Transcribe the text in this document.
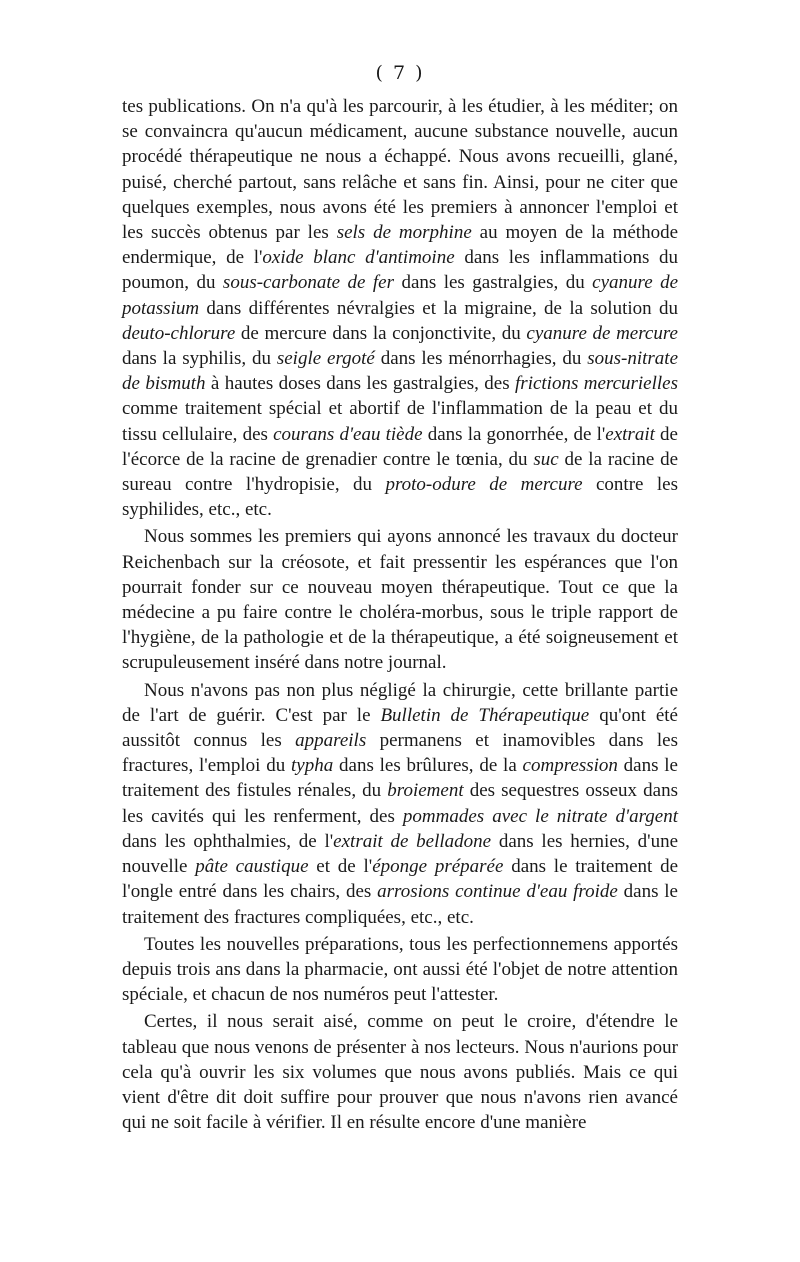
( 7 )

tes publications. On n'a qu'à les parcourir, à les étudier, à les méditer; on se convaincra qu'aucun médicament, aucune substance nouvelle, aucun procédé thérapeutique ne nous a échappé. Nous avons recueilli, glané, puisé, cherché partout, sans relâche et sans fin. Ainsi, pour ne citer que quelques exemples, nous avons été les premiers à annoncer l'emploi et les succès obtenus par les sels de morphine au moyen de la méthode endermique, de l'oxide blanc d'antimoine dans les inflammations du poumon, du sous-carbonate de fer dans les gastralgies, du cyanure de potassium dans différentes névralgies et la migraine, de la solution du deuto-chlorure de mercure dans la conjonctivite, du cyanure de mercure dans la syphilis, du seigle ergoté dans les ménorrhagies, du sous-nitrate de bismuth à hautes doses dans les gastralgies, des frictions mercurielles comme traitement spécial et abortif de l'inflammation de la peau et du tissu cellulaire, des courans d'eau tiède dans la gonorrhée, de l'extrait de l'écorce de la racine de grenadier contre le tœnia, du suc de la racine de sureau contre l'hydropisie, du proto-odure de mercure contre les syphilides, etc., etc.

Nous sommes les premiers qui ayons annoncé les travaux du docteur Reichenbach sur la créosote, et fait pressentir les espérances que l'on pourrait fonder sur ce nouveau moyen thérapeutique. Tout ce que la médecine a pu faire contre le choléra-morbus, sous le triple rapport de l'hygiène, de la pathologie et de la thérapeutique, a été soigneusement et scrupuleusement inséré dans notre journal.

Nous n'avons pas non plus négligé la chirurgie, cette brillante partie de l'art de guérir. C'est par le Bulletin de Thérapeutique qu'ont été aussitôt connus les appareils permanens et inamovibles dans les fractures, l'emploi du typha dans les brûlures, de la compression dans le traitement des fistules rénales, du broiement des sequestres osseux dans les cavités qui les renferment, des pommades avec le nitrate d'argent dans les ophthalmies, de l'extrait de belladone dans les hernies, d'une nouvelle pâte caustique et de l'éponge préparée dans le traitement de l'ongle entré dans les chairs, des arrosions continue d'eau froide dans le traitement des fractures compliquées, etc., etc.

Toutes les nouvelles préparations, tous les perfectionnemens apportés depuis trois ans dans la pharmacie, ont aussi été l'objet de notre attention spéciale, et chacun de nos numéros peut l'attester.

Certes, il nous serait aisé, comme on peut le croire, d'étendre le tableau que nous venons de présenter à nos lecteurs. Nous n'aurions pour cela qu'à ouvrir les six volumes que nous avons publiés. Mais ce qui vient d'être dit doit suffire pour prouver que nous n'avons rien avancé qui ne soit facile à vérifier. Il en résulte encore d'une manière
